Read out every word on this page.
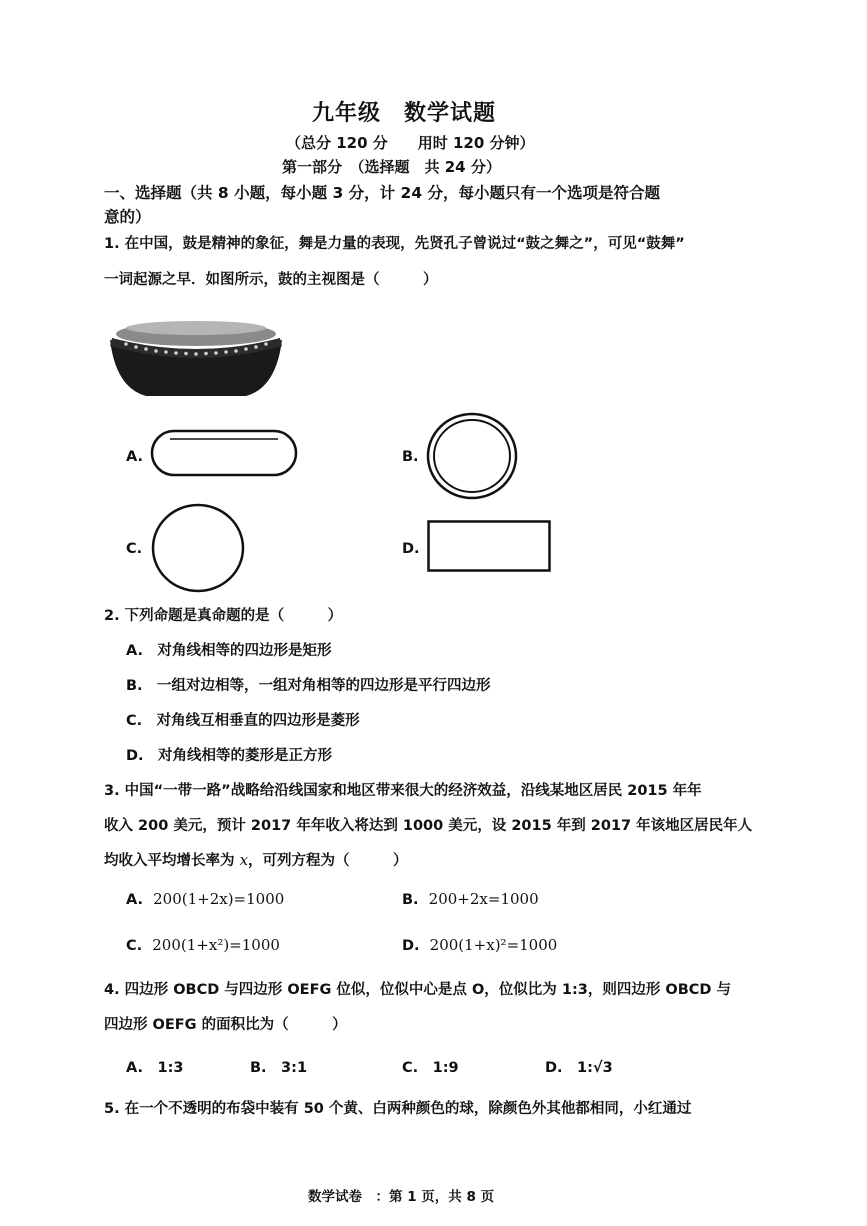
九年级　数学试题
（总分 120 分　　用时 120 分钟）
第一部分　（选择题　共 24 分）
一、选择题（共 8 小题，每小题 3 分，计 24 分，每小题只有一个选项是符合题
意的）
1. 在中国，鼓是精神的象征，舞是力量的表现，先贤孔子曾说过“鼓之舞之”，可见“鼓舞”
一词起源之早．如图所示，鼓的主视图是（　　　）
A.	B.
C.	D.
2. 下列命题是真命题的是（　　　）
A.　对角线相等的四边形是矩形
B.　一组对边相等，一组对角相等的四边形是平行四边形
C.　对角线互相垂直的四边形是菱形
D.　对角线相等的菱形是正方形
3. 中国“一带一路”战略给沿线国家和地区带来很大的经济效益，沿线某地区居民 2015 年年
收入 200 美元，预计 2017 年年收入将达到 1000 美元，设 2015 年到 2017 年该地区居民年人
均收入平均增长率为 x，可列方程为（　　　）
A. 200(1+2x)=1000	B. 200+2x=1000
C. 200(1+x²)=1000	D. 200(1+x)²=1000
4. 四边形 OBCD 与四边形 OEFG 位似，位似中心是点 O，位似比为 1:3，则四边形 OBCD 与
四边形 OEFG 的面积比为（　　　）
A.　1:3	B.　3:1	C.　1:9	D.　1:√3
5. 在一个不透明的布袋中装有 50 个黄、白两种颜色的球，除颜色外其他都相同，小红通过
数学试卷　：第 1 页，共 8 页
